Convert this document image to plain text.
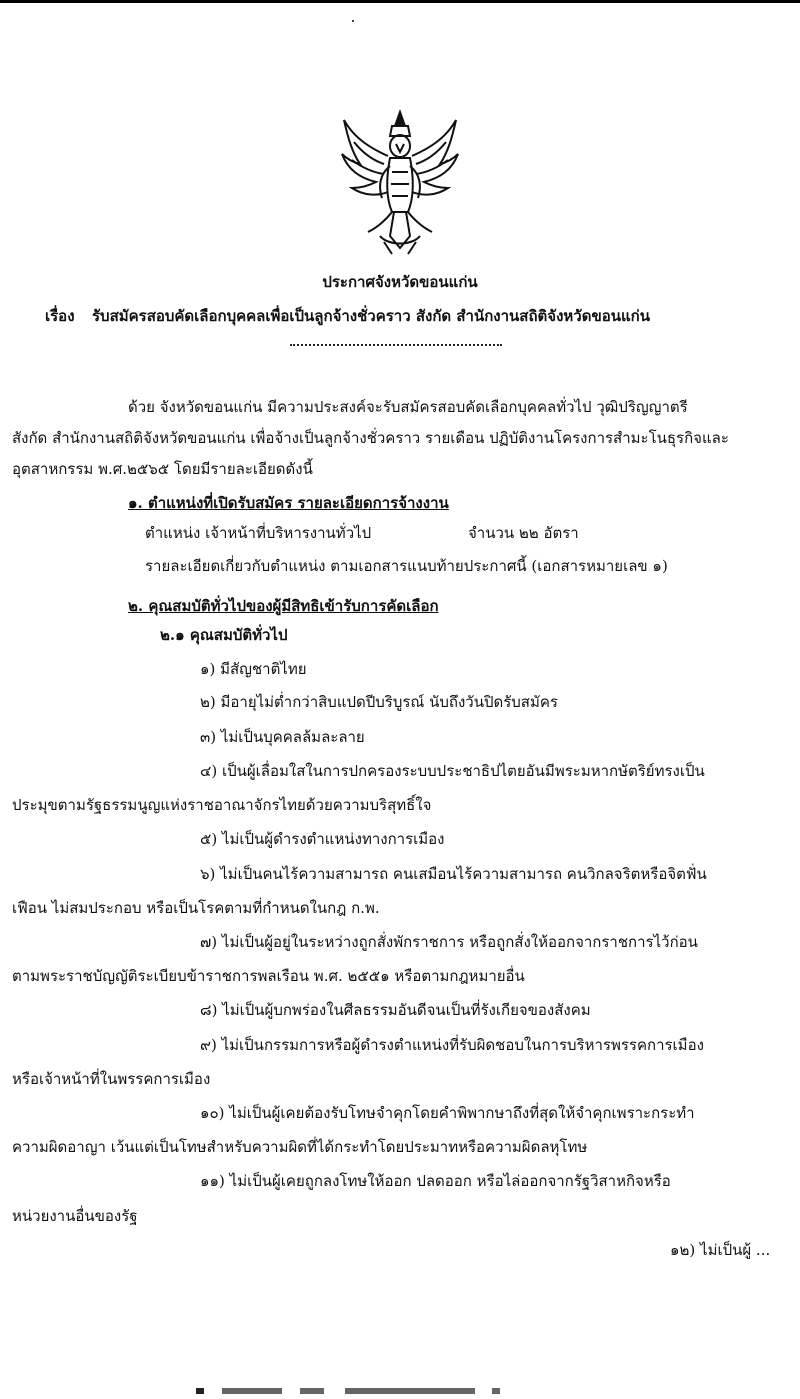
ประกาศจังหวัดขอนแก่น
เรื่อง รับสมัครสอบคัดเลือกบุคคลเพื่อเป็นลูกจ้างชั่วคราว สังกัด สำนักงานสถิติจังหวัดขอนแก่น
ด้วย จังหวัดขอนแก่น มีความประสงค์จะรับสมัครสอบคัดเลือกบุคคลทั่วไป วุฒิปริญญาตรี
สังกัด สำนักงานสถิติจังหวัดขอนแก่น เพื่อจ้างเป็นลูกจ้างชั่วคราว รายเดือน ปฏิบัติงานโครงการสำมะโนธุรกิจและ
อุตสาหกรรม พ.ศ.๒๕๖๕ โดยมีรายละเอียดดังนี้
๑. ตำแหน่งที่เปิดรับสมัคร รายละเอียดการจ้างงาน
ตำแหน่ง เจ้าหน้าที่บริหารงานทั่วไป	จำนวน ๒๒ อัตรา
รายละเอียดเกี่ยวกับตำแหน่ง ตามเอกสารแนบท้ายประกาศนี้ (เอกสารหมายเลข ๑)
๒. คุณสมบัติทั่วไปของผู้มีสิทธิเข้ารับการคัดเลือก
๒.๑ คุณสมบัติทั่วไป
๑) มีสัญชาติไทย
๒) มีอายุไม่ต่ำกว่าสิบแปดปีบริบูรณ์ นับถึงวันปิดรับสมัคร
๓) ไม่เป็นบุคคลล้มละลาย
๔) เป็นผู้เลื่อมใสในการปกครองระบบประชาธิปไตยอันมีพระมหากษัตริย์ทรงเป็น
ประมุขตามรัฐธรรมนูญแห่งราชอาณาจักรไทยด้วยความบริสุทธิ์ใจ
๕) ไม่เป็นผู้ดำรงตำแหน่งทางการเมือง
๖) ไม่เป็นคนไร้ความสามารถ คนเสมือนไร้ความสามารถ คนวิกลจริตหรือจิตฟั่น
เฟือน ไม่สมประกอบ หรือเป็นโรคตามที่กำหนดในกฎ ก.พ.
๗) ไม่เป็นผู้อยู่ในระหว่างถูกสั่งพักราชการ หรือถูกสั่งให้ออกจากราชการไว้ก่อน
ตามพระราชบัญญัติระเบียบข้าราชการพลเรือน พ.ศ. ๒๕๕๑ หรือตามกฎหมายอื่น
๘) ไม่เป็นผู้บกพร่องในศีลธรรมอันดีจนเป็นที่รังเกียจของสังคม
๙) ไม่เป็นกรรมการหรือผู้ดำรงตำแหน่งที่รับผิดชอบในการบริหารพรรคการเมือง
หรือเจ้าหน้าที่ในพรรคการเมือง
๑๐) ไม่เป็นผู้เคยต้องรับโทษจำคุกโดยคำพิพากษาถึงที่สุดให้จำคุกเพราะกระทำ
ความผิดอาญา เว้นแต่เป็นโทษสำหรับความผิดที่ได้กระทำโดยประมาทหรือความผิดลหุโทษ
๑๑) ไม่เป็นผู้เคยถูกลงโทษให้ออก ปลดออก หรือไล่ออกจากรัฐวิสาหกิจหรือ
หน่วยงานอื่นของรัฐ
๑๒) ไม่เป็นผู้ ...
